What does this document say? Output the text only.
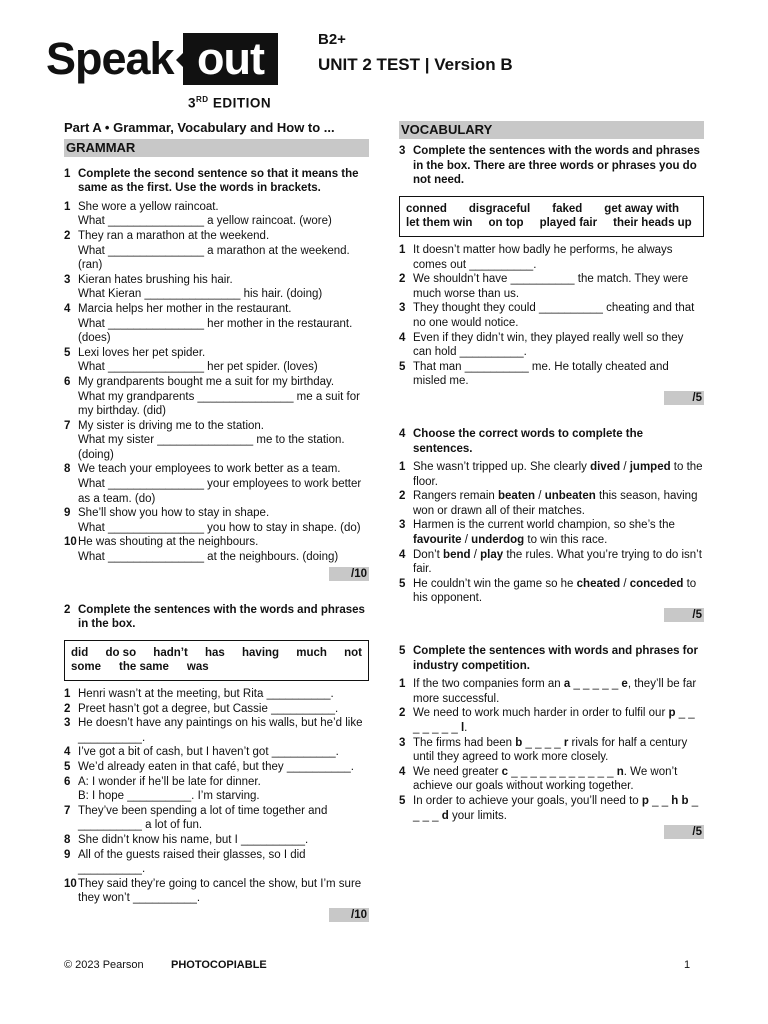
Speak out
3RD EDITION
B2+
UNIT 2 TEST | Version B
Part A • Grammar, Vocabulary and How to ...
GRAMMAR
1 Complete the second sentence so that it means the same as the first. Use the words in brackets.
1 She wore a yellow raincoat.
What _______________ a yellow raincoat. (wore)
2 They ran a marathon at the weekend.
What _______________ a marathon at the weekend. (ran)
3 Kieran hates brushing his hair.
What Kieran _______________ his hair. (doing)
4 Marcia helps her mother in the restaurant.
What _______________ her mother in the restaurant. (does)
5 Lexi loves her pet spider.
What _______________ her pet spider. (loves)
6 My grandparents bought me a suit for my birthday.
What my grandparents _______________ me a suit for my birthday. (did)
7 My sister is driving me to the station.
What my sister _______________ me to the station. (doing)
8 We teach your employees to work better as a team.
What _______________ your employees to work better as a team. (do)
9 She’ll show you how to stay in shape.
What _______________ you how to stay in shape. (do)
10 He was shouting at the neighbours.
What _______________ at the neighbours. (doing)
/10
2 Complete the sentences with the words and phrases in the box.
did do so hadn’t has having much not
some the same was
1 Henri wasn’t at the meeting, but Rita __________.
2 Preet hasn’t got a degree, but Cassie __________.
3 He doesn’t have any paintings on his walls, but he’d like __________.
4 I’ve got a bit of cash, but I haven’t got __________.
5 We’d already eaten in that café, but they __________.
6 A: I wonder if he’ll be late for dinner.
B: I hope __________. I’m starving.
7 They’ve been spending a lot of time together and __________ a lot of fun.
8 She didn’t know his name, but I __________.
9 All of the guests raised their glasses, so I did __________.
10 They said they’re going to cancel the show, but I’m sure they won’t __________.
/10
VOCABULARY
3 Complete the sentences with the words and phrases in the box. There are three words or phrases you do not need.
conned disgraceful faked get away with
let them win on top played fair their heads up
1 It doesn’t matter how badly he performs, he always comes out __________.
2 We shouldn’t have __________ the match. They were much worse than us.
3 They thought they could __________ cheating and that no one would notice.
4 Even if they didn’t win, they played really well so they can hold __________.
5 That man __________ me. He totally cheated and misled me.
/5
4 Choose the correct words to complete the sentences.
1 She wasn’t tripped up. She clearly dived / jumped to the floor.
2 Rangers remain beaten / unbeaten this season, having won or drawn all of their matches.
3 Harmen is the current world champion, so she’s the favourite / underdog to win this race.
4 Don’t bend / play the rules. What you’re trying to do isn’t fair.
5 He couldn’t win the game so he cheated / conceded to his opponent.
/5
5 Complete the sentences with words and phrases for industry competition.
1 If the two companies form an a _ _ _ _ _ e, they’ll be far more successful.
2 We need to work much harder in order to fulfil our p _ _ _ _ _ _ _ l.
3 The firms had been b _ _ _ _ r rivals for half a century until they agreed to work more closely.
4 We need greater c _ _ _ _ _ _ _ _ _ _ _ n. We won’t achieve our goals without working together.
5 In order to achieve your goals, you’ll need to p _ _ h b _ _ _ _ d your limits.
/5
© 2023 Pearson PHOTOCOPIABLE	1
